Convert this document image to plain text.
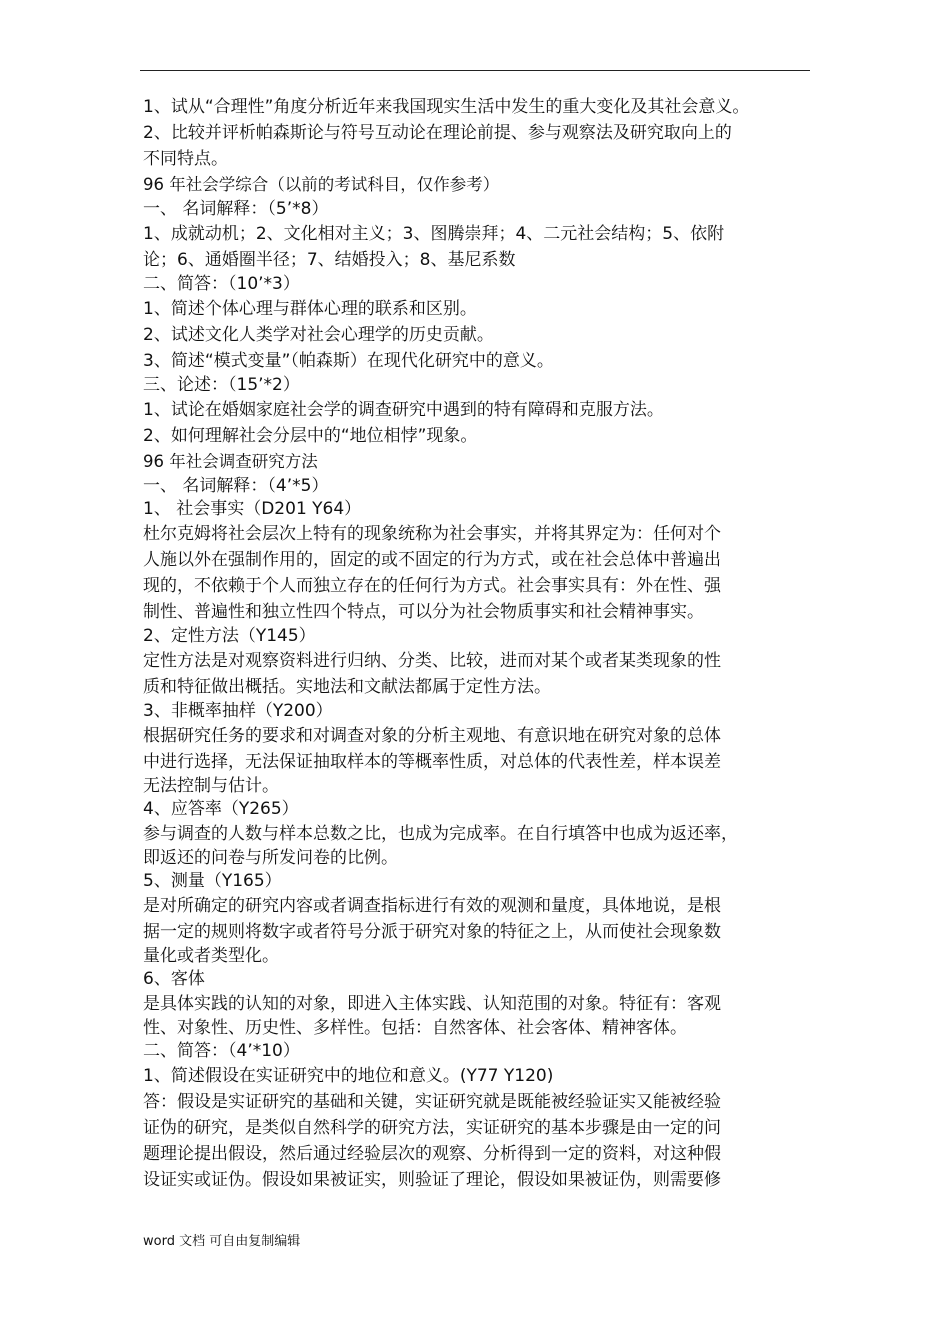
1、试从“合理性”角度分析近年来我国现实生活中发生的重大变化及其社会意义。
2、比较并评析帕森斯论与符号互动论在理论前提、参与观察法及研究取向上的
不同特点。
96 年社会学综合（以前的考试科目，仅作参考）
一、 名词解释：（5’*8）
1、成就动机；2、文化相对主义；3、图腾崇拜；4、二元社会结构；5、依附
论；6、通婚圈半径；7、结婚投入；8、基尼系数
二、简答：（10’*3）
1、简述个体心理与群体心理的联系和区别。
2、试述文化人类学对社会心理学的历史贡献。
3、简述“模式变量”（帕森斯）在现代化研究中的意义。
三、论述：（15’*2）
1、试论在婚姻家庭社会学的调查研究中遇到的特有障碍和克服方法。
2、如何理解社会分层中的“地位相悖”现象。
96 年社会调查研究方法
一、 名词解释：（4’*5）
1、 社会事实（D201 Y64）
杜尔克姆将社会层次上特有的现象统称为社会事实，并将其界定为：任何对个
人施以外在强制作用的，固定的或不固定的行为方式，或在社会总体中普遍出
现的，不依赖于个人而独立存在的任何行为方式。社会事实具有：外在性、强
制性、普遍性和独立性四个特点，可以分为社会物质事实和社会精神事实。
2、定性方法（Y145）
定性方法是对观察资料进行归纳、分类、比较，进而对某个或者某类现象的性
质和特征做出概括。实地法和文献法都属于定性方法。
3、非概率抽样（Y200）
根据研究任务的要求和对调查对象的分析主观地、有意识地在研究对象的总体
中进行选择，无法保证抽取样本的等概率性质，对总体的代表性差，样本误差
无法控制与估计。
4、应答率（Y265）
参与调查的人数与样本总数之比，也成为完成率。在自行填答中也成为返还率，
即返还的问卷与所发问卷的比例。
5、测量（Y165）
是对所确定的研究内容或者调查指标进行有效的观测和量度，具体地说，是根
据一定的规则将数字或者符号分派于研究对象的特征之上，从而使社会现象数
量化或者类型化。
6、客体
是具体实践的认知的对象，即进入主体实践、认知范围的对象。特征有：客观
性、对象性、历史性、多样性。包括：自然客体、社会客体、精神客体。
二、简答：（4’*10）
1、简述假设在实证研究中的地位和意义。(Y77 Y120)
答：假设是实证研究的基础和关键，实证研究就是既能被经验证实又能被经验
证伪的研究，是类似自然科学的研究方法，实证研究的基本步骤是由一定的问
题理论提出假设，然后通过经验层次的观察、分析得到一定的资料，对这种假
设证实或证伪。假设如果被证实，则验证了理论，假设如果被证伪，则需要修
word 文档 可自由复制编辑
